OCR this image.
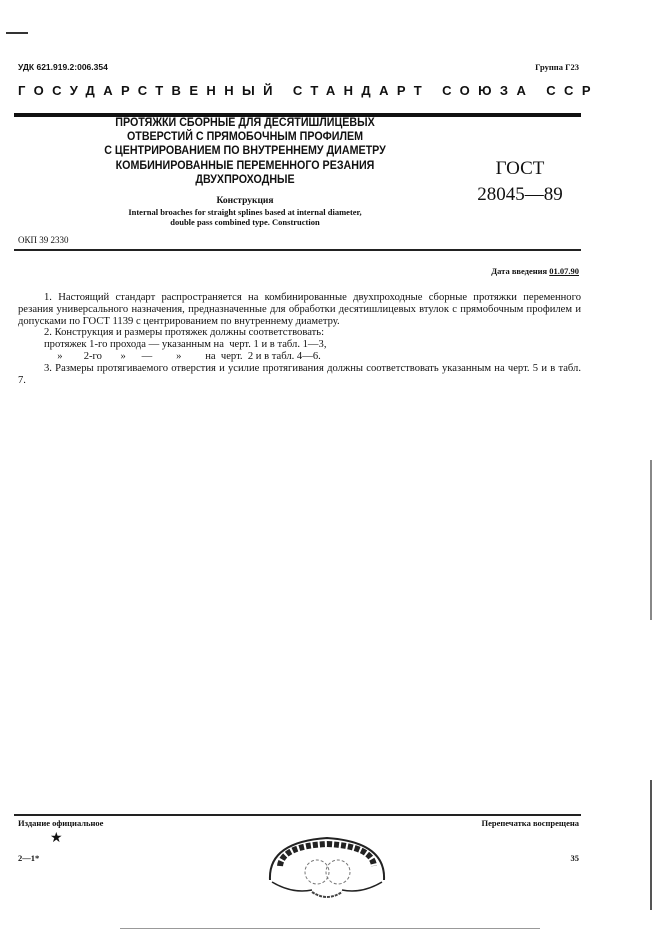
УДК 621.919.2:006.354	Группа Г23
ГОСУДАРСТВЕННЫЙ СТАНДАРТ СОЮЗА ССР
ПРОТЯЖКИ СБОРНЫЕ ДЛЯ ДЕСЯТИШЛИЦЕВЫХ
ОТВЕРСТИЙ С ПРЯМОБОЧНЫМ ПРОФИЛЕМ
С ЦЕНТРИРОВАНИЕМ ПО ВНУТРЕННЕМУ ДИАМЕТРУ
КОМБИНИРОВАННЫЕ ПЕРЕМЕННОГО РЕЗАНИЯ
ДВУХПРОХОДНЫЕ
ГОСТ
28045—89
Конструкция
Internal broaches for straight splines based at internal diameter,
double pass combined type. Construction
ОКП 39 2330
Дата введения 01.07.90

1. Настоящий стандарт распространяется на комбинированные двухпроходные сборные протяжки переменного резания универсального назначения, предназначенные для обработки десятишлицевых втулок с прямобочным профилем и допусками по ГОСТ 1139 с центрированием по внутреннему диаметру.

2. Конструкция и размеры протяжек должны соответствовать:

протяжек 1-го прохода — указанным на  черт. 1 и в табл. 1—3,

»        2-го       »      —         »         на  черт.  2 и в табл. 4—6.

3. Размеры протягиваемого отверстия и усилие протягивания должны соответствовать указанным на черт. 5 и в табл. 7.

Издание официальное	Перепечатка воспрещена
★
2—1*	35
